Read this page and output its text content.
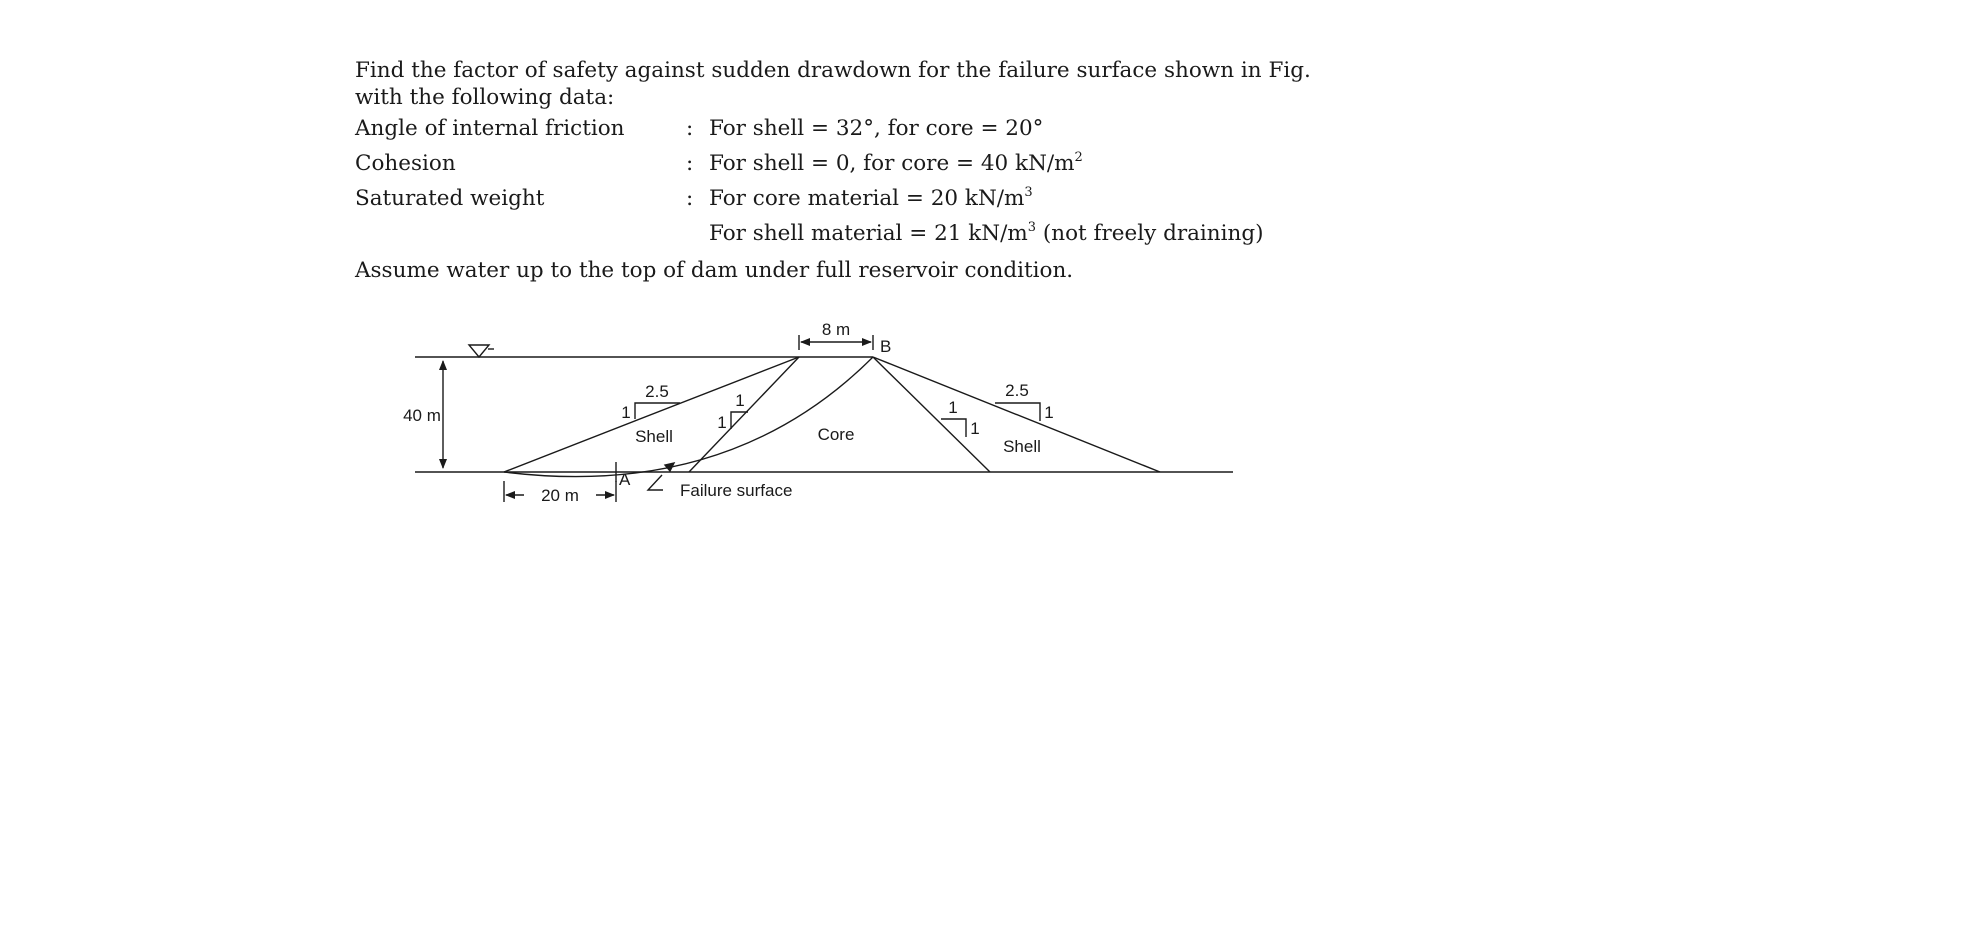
Find the factor of safety against sudden drawdown for the failure surface shown in Fig. with the following data:

Angle of internal friction	: For shell = 32°, for core = 20°
Cohesion	: For shell = 0, for core = 40 $kN/m^2$
Saturated weight	: For core material = 20 $kN/m^3$
For shell material = 21 $kN/m^3$ (not freely draining)
Assume water up to the top of dam under full reservoir condition.
8 m
B
40 m
2.5
1
Shell
1
1
Core
1
1
2.5
1
Shell
20 m
A
Failure surface
